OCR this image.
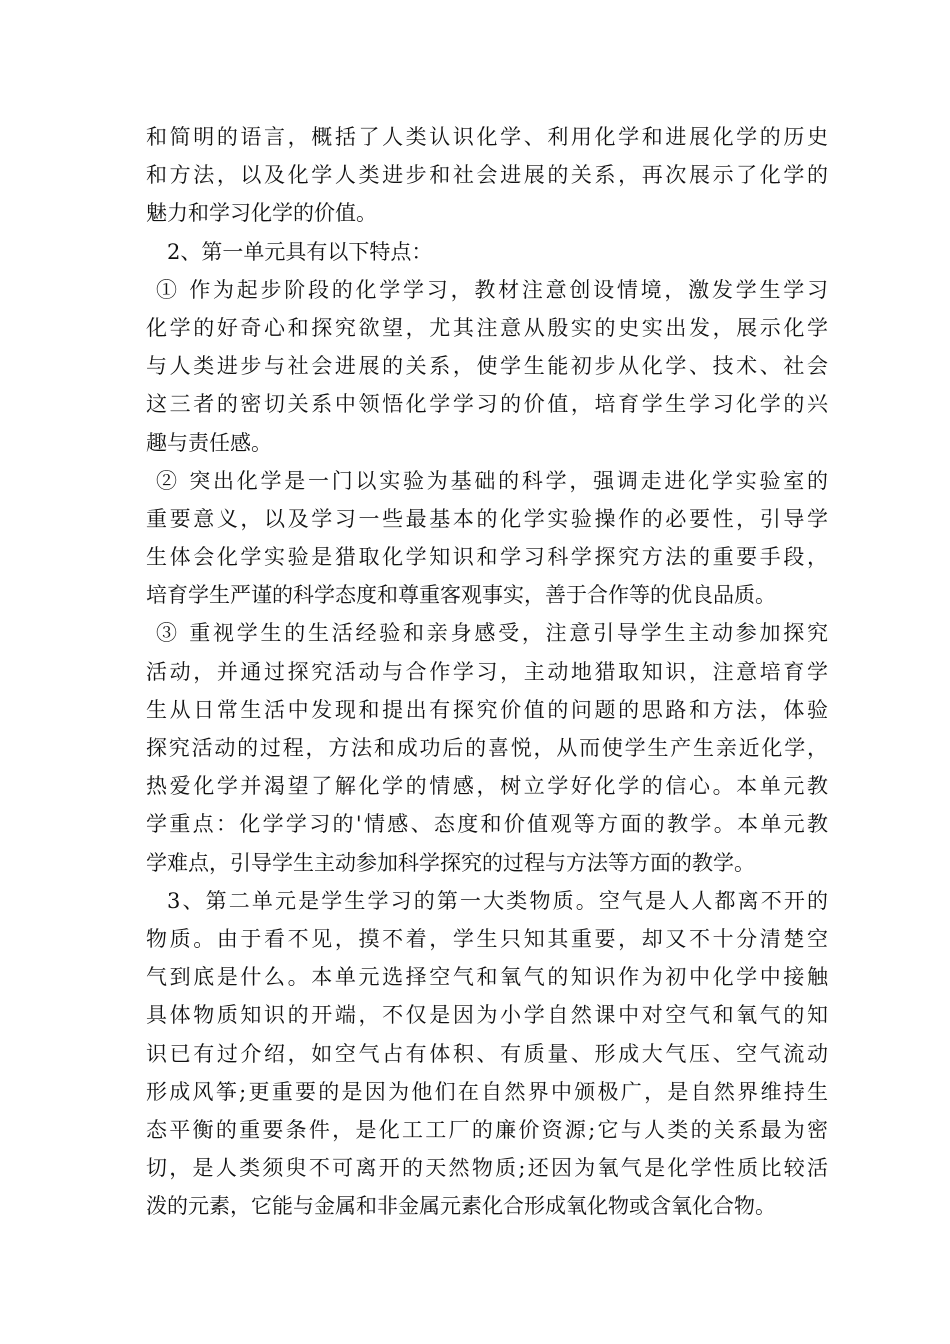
和简明的语言，概括了人类认识化学、利用化学和进展化学的历史
和方法，以及化学人类进步和社会进展的关系，再次展示了化学的
魅力和学习化学的价值。
2、第一单元具有以下特点：
① 作为起步阶段的化学学习，教材注意创设情境，激发学生学习
化学的好奇心和探究欲望，尤其注意从殷实的史实出发，展示化学
与人类进步与社会进展的关系，使学生能初步从化学、技术、社会
这三者的密切关系中领悟化学学习的价值，培育学生学习化学的兴
趣与责任感。
② 突出化学是一门以实验为基础的科学，强调走进化学实验室的
重要意义，以及学习一些最基本的化学实验操作的必要性，引导学
生体会化学实验是猎取化学知识和学习科学探究方法的重要手段，
培育学生严谨的科学态度和尊重客观事实，善于合作等的优良品质。
③ 重视学生的生活经验和亲身感受，注意引导学生主动参加探究
活动，并通过探究活动与合作学习，主动地猎取知识，注意培育学
生从日常生活中发现和提出有探究价值的问题的思路和方法，体验
探究活动的过程，方法和成功后的喜悦，从而使学生产生亲近化学，
热爱化学并渴望了解化学的情感，树立学好化学的信心。本单元教
学重点：化学学习的'情感、态度和价值观等方面的教学。本单元教
学难点，引导学生主动参加科学探究的过程与方法等方面的教学。
3、第二单元是学生学习的第一大类物质。空气是人人都离不开的
物质。由于看不见，摸不着，学生只知其重要，却又不十分清楚空
气到底是什么。本单元选择空气和氧气的知识作为初中化学中接触
具体物质知识的开端，不仅是因为小学自然课中对空气和氧气的知
识已有过介绍，如空气占有体积、有质量、形成大气压、空气流动
形成风筝;更重要的是因为他们在自然界中颁极广，是自然界维持生
态平衡的重要条件，是化工工厂的廉价资源;它与人类的关系最为密
切，是人类须臾不可离开的天然物质;还因为氧气是化学性质比较活
泼的元素，它能与金属和非金属元素化合形成氧化物或含氧化合物。
